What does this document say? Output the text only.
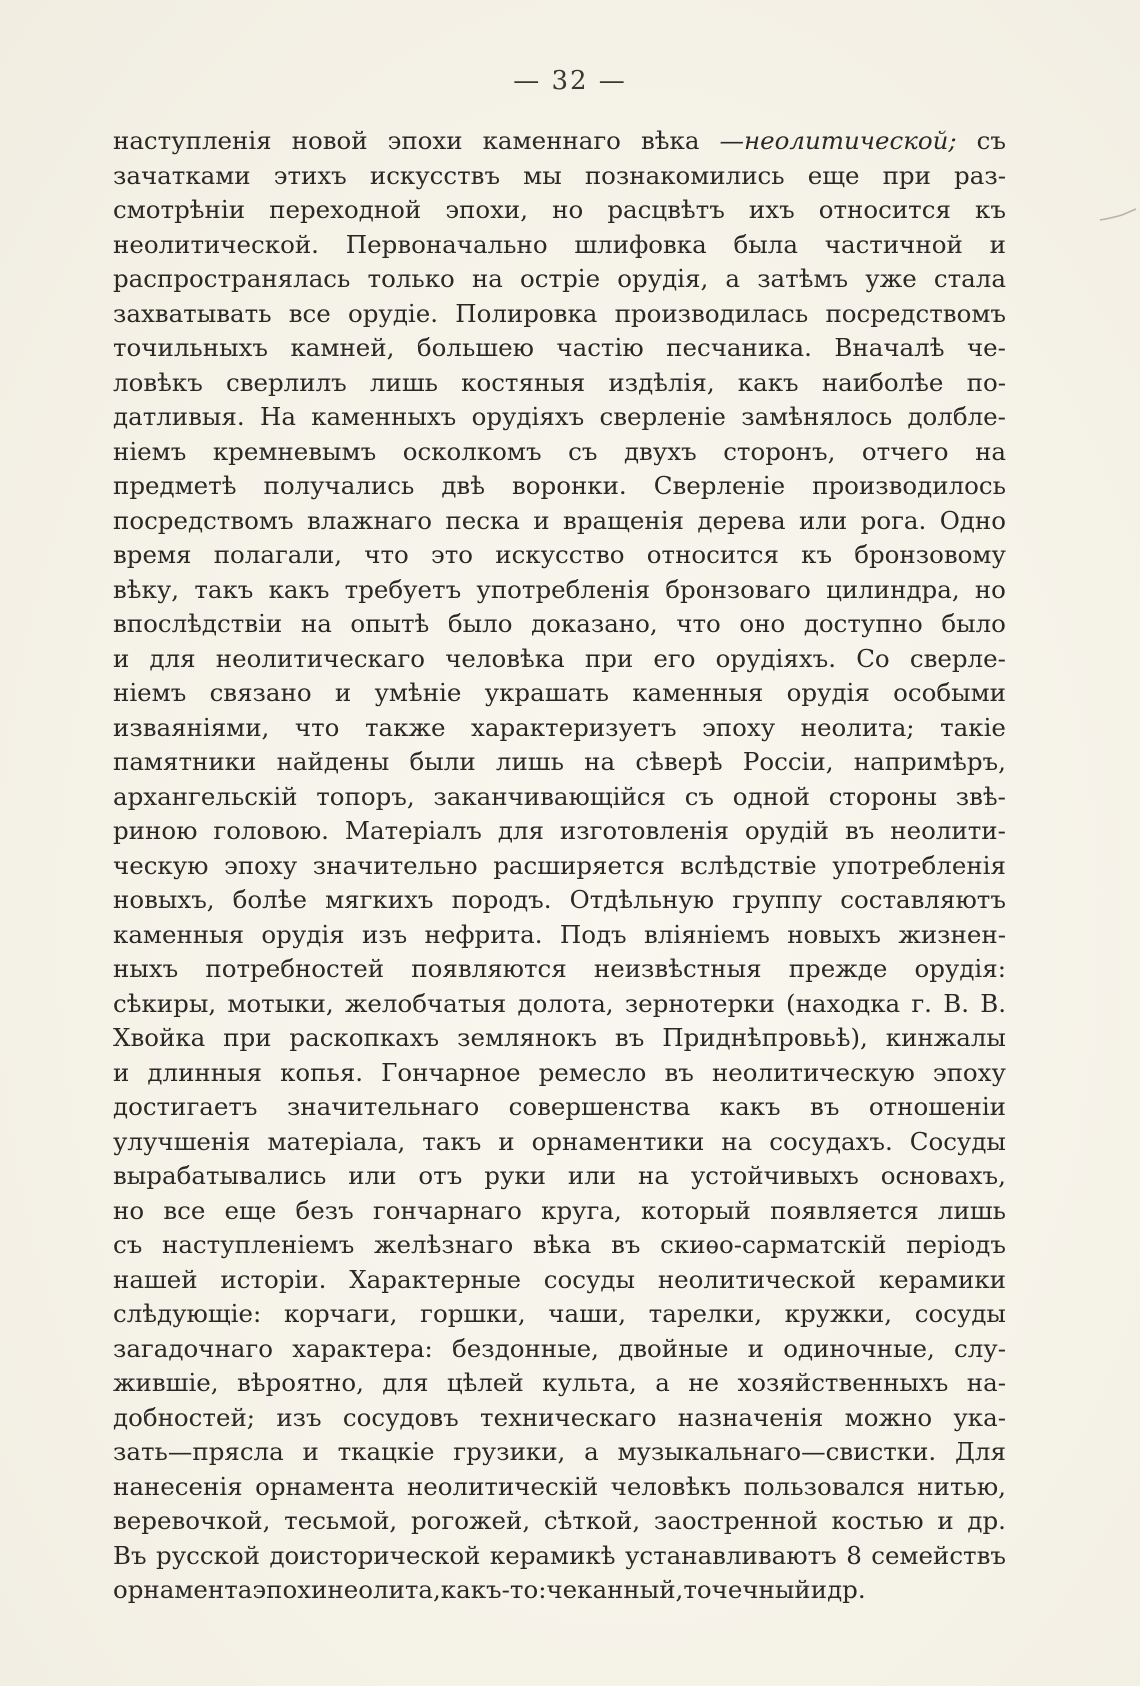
— 32 —
наступленія новой эпохи каменнаго вѣка —неолитической; съ
зачатками этихъ искусствъ мы познакомились еще при раз-
смотрѣніи переходной эпохи, но расцвѣтъ ихъ относится къ
неолитической. Первоначально шлифовка была частичной и
распространялась только на остріе орудія, а затѣмъ уже стала
захватывать все орудіе. Полировка производилась посредствомъ
точильныхъ камней, большею частію песчаника. Вначалѣ че-
ловѣкъ сверлилъ лишь костяныя издѣлія, какъ наиболѣе по-
датливыя. На каменныхъ орудіяхъ сверленіе замѣнялось долбле-
ніемъ кремневымъ осколкомъ съ двухъ сторонъ, отчего на
предметѣ получались двѣ воронки. Сверленіе производилось
посредствомъ влажнаго песка и вращенія дерева или рога. Одно
время полагали, что это искусство относится къ бронзовому
вѣку, такъ какъ требуетъ употребленія бронзоваго цилиндра, но
впослѣдствіи на опытѣ было доказано, что оно доступно было
и для неолитическаго человѣка при его орудіяхъ. Со сверле-
ніемъ связано и умѣніе украшать каменныя орудія особыми
изваяніями, что также характеризуетъ эпоху неолита; такіе
памятники найдены были лишь на сѣверѣ Россіи, напримѣръ,
архангельскій топоръ, заканчивающійся съ одной стороны звѣ-
риною головою. Матеріалъ для изготовленія орудій въ неолити-
ческую эпоху значительно расширяется вслѣдствіе употребленія
новыхъ, болѣе мягкихъ породъ. Отдѣльную группу составляютъ
каменныя орудія изъ нефрита. Подъ вліяніемъ новыхъ жизнен-
ныхъ потребностей появляются неизвѣстныя прежде орудія:
сѣкиры, мотыки, желобчатыя долота, зернотерки (находка г. В. В.
Хвойка при раскопкахъ землянокъ въ Приднѣпровьѣ), кинжалы
и длинныя копья. Гончарное ремесло въ неолитическую эпоху
достигаетъ значительнаго совершенства какъ въ отношеніи
улучшенія матеріала, такъ и орнаментики на сосудахъ. Сосуды
вырабатывались или отъ руки или на устойчивыхъ основахъ,
но все еще безъ гончарнаго круга, который появляется лишь
съ наступленіемъ желѣзнаго вѣка въ скиѳо-сарматскій періодъ
нашей исторіи. Характерные сосуды неолитической керамики
слѣдующіе: корчаги, горшки, чаши, тарелки, кружки, сосуды
загадочнаго характера: бездонные, двойные и одиночные, слу-
жившіе, вѣроятно, для цѣлей культа, а не хозяйственныхъ на-
добностей; изъ сосудовъ техническаго назначенія можно ука-
зать—прясла и ткацкіе грузики, а музыкальнаго—свистки. Для
нанесенія орнамента неолитическій человѣкъ пользовался нитью,
веревочкой, тесьмой, рогожей, сѣткой, заостренной костью и др.
Въ русской доисторической керамикѣ устанавливаютъ 8 семействъ
орнамента эпохи неолита, какъ-то: чеканный, точечный и др.
